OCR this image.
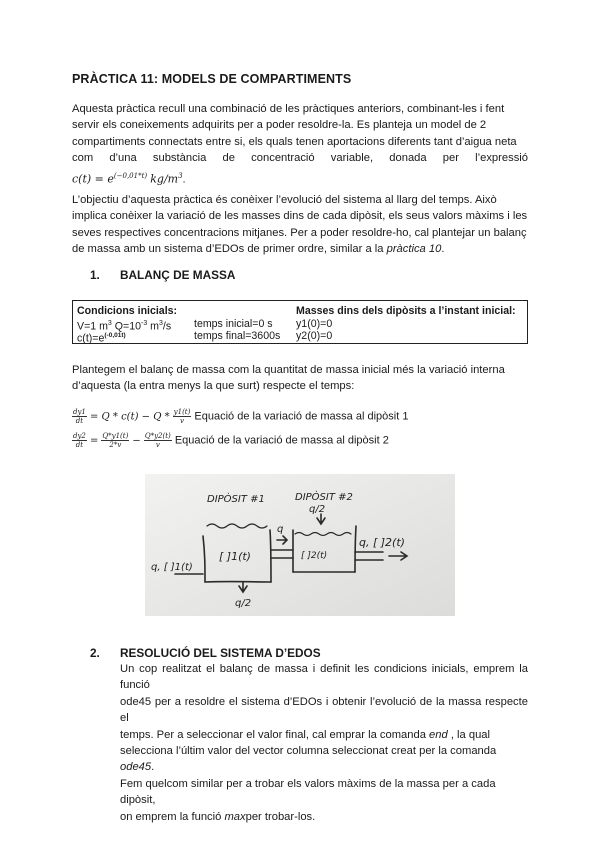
PRÀCTICA 11: MODELS DE COMPARTIMENTS

Aquesta pràctica recull una combinació de les pràctiques anteriors, combinant-les i fent

servir els coneixements adquirits per a poder resoldre-la. Es planteja un model de 2

compartiments connectats entre si, els quals tenen aportacions diferents tant d’aigua neta

com d’una substància de concentració variable, donada per l’expressió

$c(t) = e^{(-0,01*t)}$ $kg/m^3$.

L’objectiu d’aquesta pràctica és conèixer l’evolució del sistema al llarg del temps. Això

implica conèixer la variació de les masses dins de cada dipòsit, els seus valors màxims i les

seves respectives concentracions mitjanes. Per a poder resoldre-ho, cal plantejar un balanç

de massa amb un sistema d’EDOs de primer ordre, similar a la pràctica 10.

1. BALANÇ DE MASSA
Condicions inicials:
V=1 $m^3$ $Q=10^{-3}$ $m^3/s$
$c(t)=e^{(-0,01t)}$
temps inicial=0 s
temps final=3600s
Masses dins dels dipòsits a l’instant inicial:
y1(0)=0
y2(0)=0

Plantegem el balanç de massa com la quantitat de massa inicial més la variació interna

d’aquesta (la entra menys la que surt) respecte el temps:

$\frac{dy1}{dt} = Q * c(t) - Q * \frac{y1(t)}{v}$ Equació de la variació de massa al dipòsit 1
$\frac{dy2}{dt} = \frac{Q*y1(t)}{2*v} - \frac{Q*y2(t)}{v}$ Equació de la variació de massa al dipòsit 2
DIPÒSIT #1	DIPÒSIT #2
[ ]1(t)
q, [ ]2(t)
q/2
q
q, [ ]1(t)
q/2
[ ]2(t)
2. RESOLUCIÓ DEL SISTEMA D’EDOS

Un cop realitzat el balanç de massa i definit les condicions inicials, emprem la funció

ode45 per a resoldre el sistema d’EDOs i obtenir l’evolució de la massa respecte el

temps. Per a seleccionar el valor final, cal emprar la comanda end , la qual

selecciona l’últim valor del vector columna seleccionat creat per la comanda ode45.

Fem quelcom similar per a trobar els valors màxims de la massa per a cada dipòsit,

on emprem la funció maxper trobar-los.
